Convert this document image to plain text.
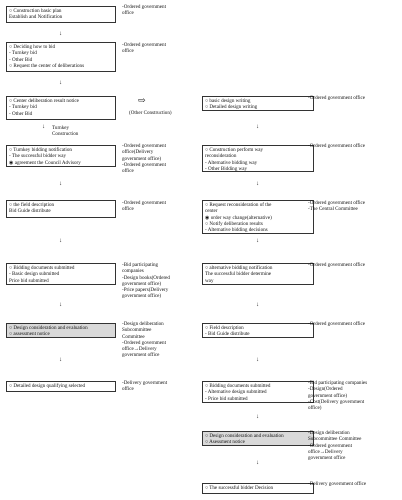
○ Construction basic plan
Establish and Notification
↓
○ Deciding how to bid
- Turnkey bid
- Other Bid
○ Request the center of deliberations
↓
○ Center deliberation result notice
- Turnkey bid
- Other Bid
↓ Turnkey
Construction
○ Turnkey bidding notification
- The successful bidder way
◉ agreement the Council Advisory
↓
○ the field description
Bid Guide distribute
↓
○ Bidding documents submitted
- Basic design submitted
Price bid submitted
↓
○ Design consideration and evaluation
○ assessment notice
↓
○ Detailed design qualifying selected
-Ordered government
office
-Ordered government
office
-Ordered government
office(Delivery
government office)
-Ordered government
office
-Ordered government
office
-Bid participating
companies
-Design books(Ordered
government office)
-Price papers(Delivery
government office)
-Design deliberation
Subcommittee
Committee
-Ordered government
office→Delivery
government office
-Delivery government
office
⇨
(Other Construction)
○ basic design writing
○ Detailed design writing
↓
○ Construction perform way
reconsideration
- Alternative bidding way
- Other Bidding way
↓
○ Request reconsideration of the
center
◉ order way change(alternative)
○ Notify deliberation results
- Alternative bidding decisions
↓
○ alternative bidding notification
The successful bidder determine
way
↓
○ Field description
- Bid Guide distribute
↓
○ Bidding documents submitted
- Alternative design submitted
- Price bid submitted
↓
○ Design consideration and evaluation
○ Asessment notice
↓
○ The successful bidder Decision
-Ordered government office
-Ordered government office
-Ordered government office
-The Central Committee
-Ordered government office
-Ordered government office
-Bid participating companies
-Design(Ordered
government office)
-Cost(Delivery government
office)
-Design deliberation
Subcommittee Committee
-Ordered government
office→Delivery
government office
-Delivery government office
